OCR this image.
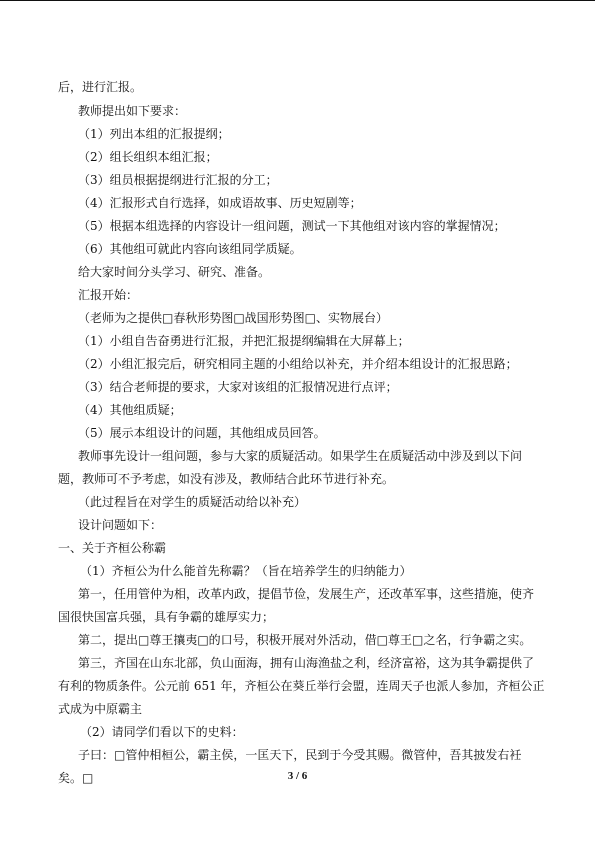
后，进行汇报。

教师提出如下要求：

（1）列出本组的汇报提纲；

（2）组长组织本组汇报；

（3）组员根据提纲进行汇报的分工；

（4）汇报形式自行选择，如成语故事、历史短剧等；

（5）根据本组选择的内容设计一组问题，测试一下其他组对该内容的掌握情况；

（6）其他组可就此内容向该组同学质疑。

给大家时间分头学习、研究、准备。

汇报开始：

（老师为之提供□春秋形势图□战国形势图□、实物展台）

（1）小组自告奋勇进行汇报，并把汇报提纲编辑在大屏幕上；

（2）小组汇报完后，研究相同主题的小组给以补充，并介绍本组设计的汇报思路；

（3）结合老师提的要求，大家对该组的汇报情况进行点评；

（4）其他组质疑；

（5）展示本组设计的问题，其他组成员回答。

教师事先设计一组问题，参与大家的质疑活动。如果学生在质疑活动中涉及到以下问

题，教师可不予考虑，如没有涉及，教师结合此环节进行补充。

（此过程旨在对学生的质疑活动给以补充）

设计问题如下：

一、关于齐桓公称霸

（1）齐桓公为什么能首先称霸？（旨在培养学生的归纳能力）

第一，任用管仲为相，改革内政，提倡节俭，发展生产，还改革军事，这些措施，使齐

国很快国富兵强，具有争霸的雄厚实力；

第二，提出□尊王攘夷□的口号，积极开展对外活动，借□尊王□之名，行争霸之实。

第三，齐国在山东北部，负山面海，拥有山海渔盐之利，经济富裕，这为其争霸提供了

有利的物质条件。公元前 651 年，齐桓公在葵丘举行会盟，连周天子也派人参加，齐桓公正

式成为中原霸主

（2）请同学们看以下的史料：

子曰：□管仲相桓公，霸主侯，一匡天下，民到于今受其赐。微管仲，吾其披发右衽

矣。□	3 / 6
